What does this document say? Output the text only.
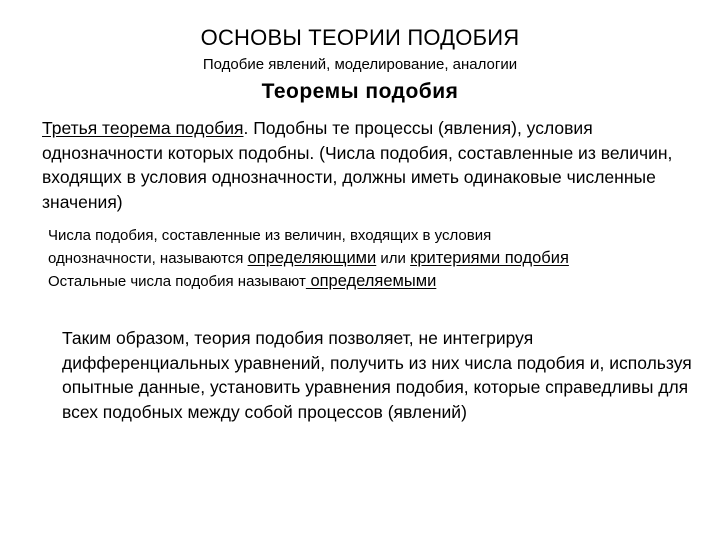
ОСНОВЫ ТЕОРИИ ПОДОБИЯ
Подобие явлений, моделирование, аналогии
Теоремы подобия
Третья теорема подобия. Подобны те процессы (явления), условия однозначности которых подобны. (Числа подобия, составленные из величин, входящих в условия однозначности, должны иметь одинаковые численные значения)
Числа подобия, составленные из величин, входящих в условия
однозначности, называются определяющими или критериями подобия
Остальные числа подобия называют определяемыми
Таким образом, теория подобия позволяет, не интегрируя дифференциальных уравнений, получить из них числа подобия и, используя опытные данные, установить уравнения подобия, которые справедливы для всех подобных между собой процессов (явлений)
